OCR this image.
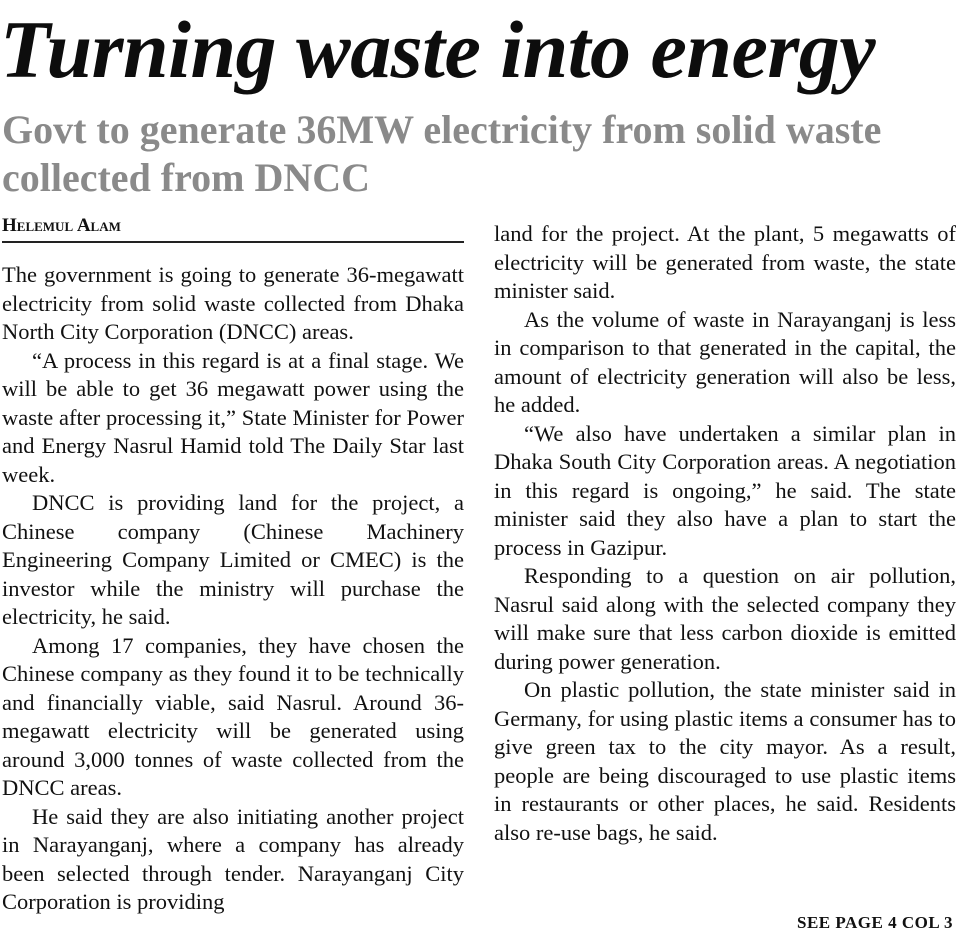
Turning waste into energy
Govt to generate 36MW electricity from solid waste collected from DNCC
Helemul Alam

The government is going to generate 36-megawatt electricity from solid waste collected from Dhaka North City Corporation (DNCC) areas.

“A process in this regard is at a final stage. We will be able to get 36 megawatt power using the waste after processing it,” State Minister for Power and Energy Nasrul Hamid told The Daily Star last week.

DNCC is providing land for the project, a Chinese company (Chinese Machinery Engineering Company Limited or CMEC) is the investor while the ministry will purchase the electricity, he said.

Among 17 companies, they have chosen the Chinese company as they found it to be technically and financially viable, said Nasrul. Around 36-megawatt electricity will be generated using around 3,000 tonnes of waste collected from the DNCC areas.

He said they are also initiating another project in Narayanganj, where a company has already been selected through tender. Narayanganj City Corporation is providing

land for the project. At the plant, 5 megawatts of electricity will be generated from waste, the state minister said.

As the volume of waste in Narayanganj is less in comparison to that generated in the capital, the amount of electricity generation will also be less, he added.

“We also have undertaken a similar plan in Dhaka South City Corporation areas. A negotiation in this regard is ongoing,” he said. The state minister said they also have a plan to start the process in Gazipur.

Responding to a question on air pollution, Nasrul said along with the selected company they will make sure that less carbon dioxide is emitted during power generation.

On plastic pollution, the state minister said in Germany, for using plastic items a consumer has to give green tax to the city mayor. As a result, people are being discouraged to use plastic items in restaurants or other places, he said. Residents also re-use bags, he said.

SEE PAGE 4 COL 3
